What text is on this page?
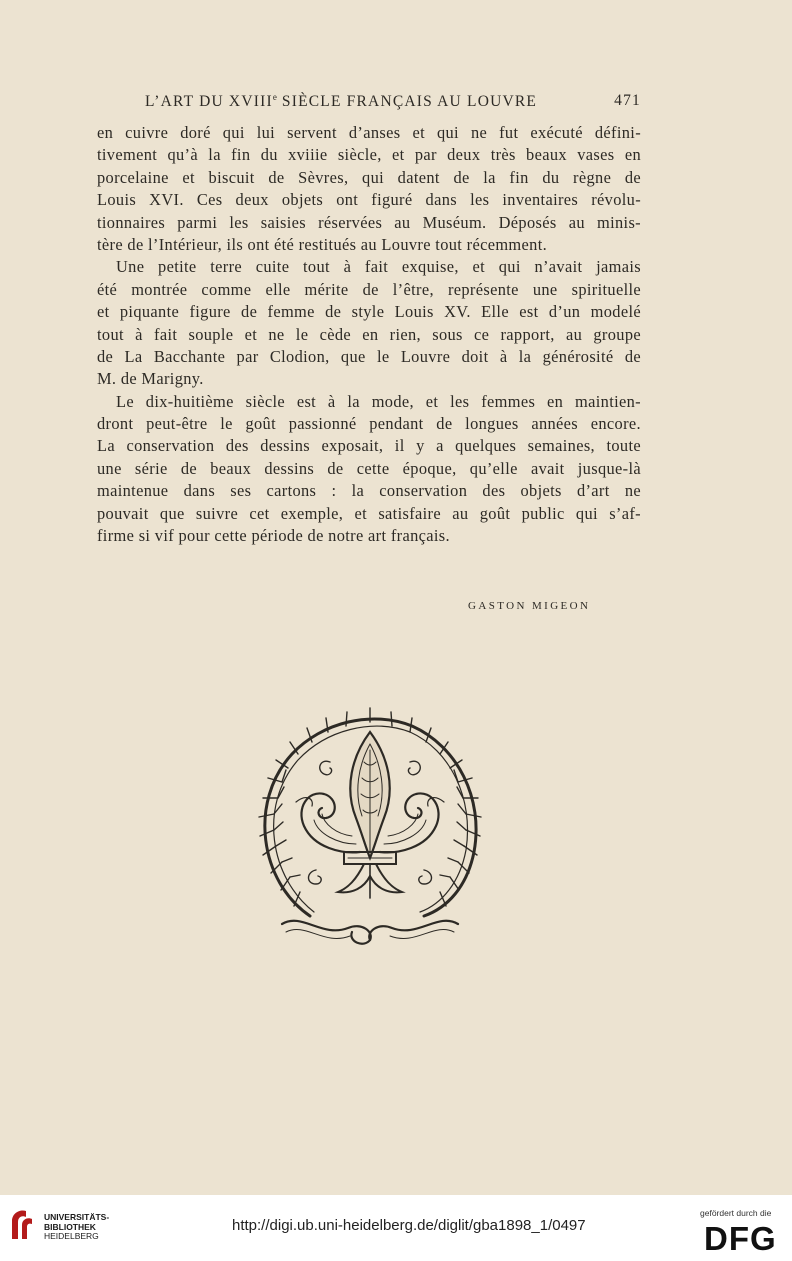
L’ART DU XVIIIe SIÈCLE FRANÇAIS AU LOUVRE	471
en cuivre doré qui lui servent d’anses et qui ne fut exécuté défini-
tivement qu’à la fin du xviiie siècle, et par deux très beaux vases en
porcelaine et biscuit de Sèvres, qui datent de la fin du règne de
Louis XVI. Ces deux objets ont figuré dans les inventaires révolu-
tionnaires parmi les saisies réservées au Muséum. Déposés au minis-
tère de l’Intérieur, ils ont été restitués au Louvre tout récemment.
Une petite terre cuite tout à fait exquise, et qui n’avait jamais
été montrée comme elle mérite de l’être, représente une spirituelle
et piquante figure de femme de style Louis XV. Elle est d’un modelé
tout à fait souple et ne le cède en rien, sous ce rapport, au groupe
de La Bacchante par Clodion, que le Louvre doit à la générosité de
M. de Marigny.
Le dix-huitième siècle est à la mode, et les femmes en maintien-
dront peut-être le goût passionné pendant de longues années encore.
La conservation des dessins exposait, il y a quelques semaines, toute
une série de beaux dessins de cette époque, qu’elle avait jusque-là
maintenue dans ses cartons : la conservation des objets d’art ne
pouvait que suivre cet exemple, et satisfaire au goût public qui s’af-
firme si vif pour cette période de notre art français.
GASTON MIGEON
UNIVERSITÄTS-
BIBLIOTHEK
HEIDELBERG
http://digi.ub.uni-heidelberg.de/diglit/gba1898_1/0497
gefördert durch die
DFG
